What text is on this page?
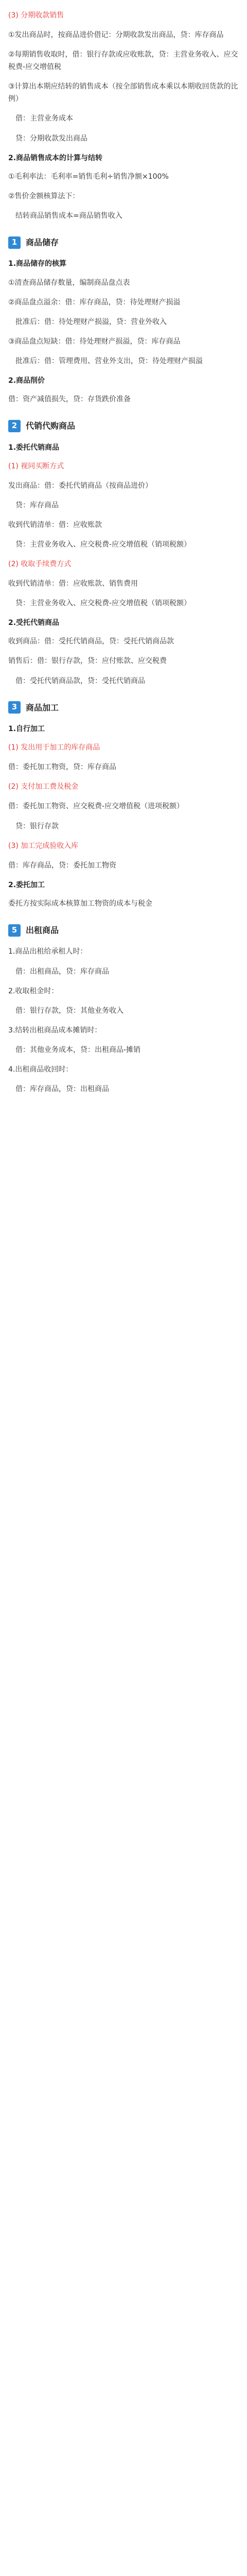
(3) 分期收款销售

①发出商品时，按商品进价借记：分期收款发出商品，贷：库存商品

②每期销售收取时，借：银行存款或应收账款，贷：主营业务收入、应交税费-应交增值税

③计算出本期应结转的销售成本（按全部销售成本乘以本期收回货款的比例）

借：主营业务成本

贷：分期收款发出商品

2.商品销售成本的计算与结转

①毛利率法：毛利率=销售毛利÷销售净额×100%

②售价金额核算法下：

结转商品销售成本=商品销售收入

1	商品储存

1.商品储存的核算

①清查商品储存数量，编制商品盘点表

②商品盘点溢余：借：库存商品，贷：待处理财产损溢

批准后：借：待处理财产损溢，贷：营业外收入

③商品盘点短缺：借：待处理财产损溢，贷：库存商品

批准后：借：管理费用、营业外支出，贷：待处理财产损溢

2.商品削价

借：资产减值损失，贷：存货跌价准备

2	代销代购商品

1.委托代销商品

(1) 视同买断方式

发出商品：借：委托代销商品（按商品进价）

贷：库存商品

收到代销清单：借：应收账款

贷：主营业务收入、应交税费-应交增值税（销项税额）

(2) 收取手续费方式

收到代销清单：借：应收账款、销售费用

贷：主营业务收入、应交税费-应交增值税（销项税额）

2.受托代销商品

收到商品：借：受托代销商品，贷：受托代销商品款

销售后：借：银行存款，贷：应付账款、应交税费

借：受托代销商品款，贷：受托代销商品

3	商品加工

1.自行加工

(1) 发出用于加工的库存商品

借：委托加工物资，贷：库存商品

(2) 支付加工费及税金

借：委托加工物资、应交税费-应交增值税（进项税额）

贷：银行存款

(3) 加工完成验收入库

借：库存商品，贷：委托加工物资

2.委托加工

委托方按实际成本核算加工物资的成本与税金

5	出租商品

1.商品出租给承租人时：

借：出租商品，贷：库存商品

2.收取租金时：

借：银行存款，贷：其他业务收入

3.结转出租商品成本摊销时：

借：其他业务成本，贷：出租商品-摊销

4.出租商品收回时：

借：库存商品，贷：出租商品
